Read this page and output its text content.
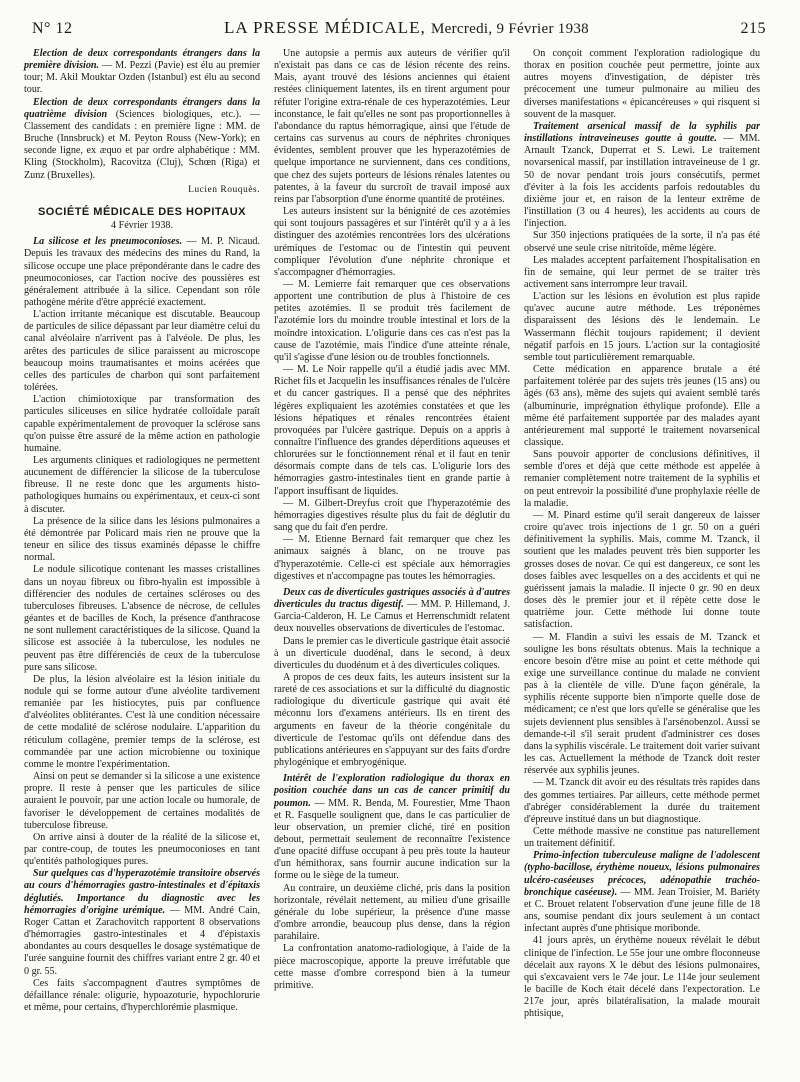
N° 12	LA PRESSE MÉDICALE, Mercredi, 9 Février 1938	215

Election de deux correspondants étrangers dans la première division. — M. Pezzi (Pavie) est élu au premier tour; M. Akil Mouktar Ozden (Istanbul) est élu au second tour.

Election de deux correspondants étrangers dans la quatrième division (Sciences biologiques, etc.). — Classement des candidats : en première ligne : MM. de Bruche (Innsbruck) et M. Peyton Rouss (New-York); en seconde ligne, ex æquo et par ordre alphabétique : MM. Kling (Stockholm), Racovitza (Cluj), Schœn (Riga) et Zunz (Bruxelles).

Lucien Rouquès.
SOCIÉTÉ MÉDICALE DES HOPITAUX
4 Février 1938.

La silicose et les pneumoconioses. — M. P. Nicaud. Depuis les travaux des médecins des mines du Rand, la silicose occupe une place prépondérante dans le cadre des pneumoconioses, car l'action nocive des poussières est généralement attribuée à la silice. Cependant son rôle pathogène mérite d'être apprécié exactement.

L'action irritante mécanique est discutable. Beaucoup de particules de silice dépassant par leur diamètre celui du canal alvéolaire n'arrivent pas à l'alvéole. De plus, les arêtes des particules de silice paraissent au microscope beaucoup moins traumatisantes et moins acérées que celles des particules de charbon qui sont parfaitement tolérées.

L'action chimiotoxique par transformation des particules siliceuses en silice hydratée colloïdale paraît capable expérimentalement de provoquer la sclérose sans qu'on puisse être assuré de la même action en pathologie humaine.

Les arguments cliniques et radiologiques ne permettent aucunement de différencier la silicose de la tuberculose fibreuse. Il ne reste donc que les arguments histo-pathologiques humains ou expérimentaux, et ceux-ci sont à discuter.

La présence de la silice dans les lésions pulmonaires a été démontrée par Policard mais rien ne prouve que la teneur en silice des tissus examinés dépasse le chiffre normal.

Le nodule silicotique contenant les masses cristallines dans un noyau fibreux ou fibro-hyalin est impossible à différencier des nodules de certaines scléroses ou des tuberculoses fibreuses. L'absence de nécrose, de cellules géantes et de bacilles de Koch, la présence d'anthracose ne sont nullement caractéristiques de la silicose. Quand la silicose est associée à la tuberculose, les nodules ne peuvent pas être différenciés de ceux de la tuberculose pure sans silicose.

De plus, la lésion alvéolaire est la lésion initiale du nodule qui se forme autour d'une alvéolite tardivement remaniée par les histiocytes, puis par confluence d'alvéolites oblitérantes. C'est là une condition nécessaire de cette modalité de sclérose nodulaire. L'apparition du réticulum collagène, premier temps de la sclérose, est commandée par une action microbienne ou toxinique comme le montre l'expérimentation.

Ainsi on peut se demander si la silicose a une existence propre. Il reste à penser que les particules de silice auraient le pouvoir, par une action locale ou humorale, de favoriser le développement de certaines modalités de tuberculose fibreuse.

On arrive ainsi à douter de la réalité de la silicose et, par contre-coup, de toutes les pneumoconioses en tant qu'entités pathologiques pures.

Sur quelques cas d'hyperazotémie transitoire observés au cours d'hémorragies gastro-intestinales et d'épitaxis déglutiés. Importance du diagnostic avec les hémorragies d'origine urémique. — MM. André Cain, Roger Cattan et Zarachovitch rapportent 8 observations d'hémorragies gastro-intestinales et 4 d'épistaxis abondantes au cours desquelles le dosage systématique de l'urée sanguine fournit des chiffres variant entre 2 gr. 40 et 0 gr. 55.

Ces faits s'accompagnent d'autres symptômes de défaillance rénale: oligurie, hypoazoturie, hypochlorurie et même, pour certains, d'hyperchlorémie plasmique.

Une autopsie a permis aux auteurs de vérifier qu'il n'existait pas dans ce cas de lésion récente des reins. Mais, ayant trouvé des lésions anciennes qui étaient restées cliniquement latentes, ils en tirent argument pour réfuter l'origine extra-rénale de ces hyperazotémies. Leur inconstance, le fait qu'elles ne sont pas proportionnelles à l'abondance du raptus hémorragique, ainsi que l'étude de certains cas survenus au cours de néphrites chroniques évidentes, semblent prouver que les hyperazotémies de quelque importance ne surviennent, dans ces conditions, que chez des sujets porteurs de lésions rénales latentes ou patentes, à la faveur du surcroît de travail imposé aux reins par l'absorption d'une énorme quantité de protéines.

Les auteurs insistent sur la bénignité de ces azotémies qui sont toujours passagères et sur l'intérêt qu'il y a à les distinguer des azotémies rencontrées lors des ulcérations urémiques de l'estomac ou de l'intestin qui peuvent compliquer l'évolution d'une néphrite chronique et s'accompagner d'hémorragies.

— M. Lemierre fait remarquer que ces observations apportent une contribution de plus à l'histoire de ces petites azotémies. Il se produit très facilement de l'azotémie lors du moindre trouble intestinal et lors de la moindre intoxication. L'oligurie dans ces cas n'est pas la cause de l'azotémie, mais l'indice d'une atteinte rénale, qu'il s'agisse d'une lésion ou de troubles fonctionnels.

— M. Le Noir rappelle qu'il a étudié jadis avec MM. Richet fils et Jacquelin les insuffisances rénales de l'ulcère et du cancer gastriques. Il a pensé que des néphrites légères expliquaient les azotémies constatées et que les lésions hépatiques et rénales rencontrées étaient provoquées par l'ulcère gastrique. Depuis on a appris à connaître l'influence des grandes déperditions aqueuses et chlorurées sur le fonctionnement rénal et il faut en tenir désormais compte dans de tels cas. L'oligurie lors des hémorragies gastro-intestinales tient en grande partie à l'apport insuffisant de liquides.

— M. Gilbert-Dreyfus croit que l'hyperazotémie des hémorragies digestives résulte plus du fait de déglutir du sang que du fait d'en perdre.

— M. Etienne Bernard fait remarquer que chez les animaux saignés à blanc, on ne trouve pas d'hyperazotémie. Celle-ci est spéciale aux hémorragies digestives et n'accompagne pas toutes les hémorragies.

Deux cas de diverticules gastriques associés à d'autres diverticules du tractus digestif. — MM. P. Hillemand, J. Garcia-Calderon, H. Le Camus et Herrenschmidt relatent deux nouvelles observations de diverticules de l'estomac.

Dans le premier cas le diverticule gastrique était associé à un diverticule duodénal, dans le second, à deux diverticules du duodénum et à des diverticules coliques.

A propos de ces deux faits, les auteurs insistent sur la rareté de ces associations et sur la difficulté du diagnostic radiologique du diverticule gastrique qui avait été méconnu lors d'examens antérieurs. Ils en tirent des arguments en faveur de la théorie congénitale du diverticule de l'estomac qu'ils ont défendue dans des publications antérieures en s'appuyant sur des faits d'ordre phylogénique et embryogénique.

Intérêt de l'exploration radiologique du thorax en position couchée dans un cas de cancer primitif du poumon. — MM. R. Benda, M. Fourestier, Mme Thaon et R. Fasquelle soulignent que, dans le cas particulier de leur observation, un premier cliché, tiré en position debout, permettait seulement de reconnaître l'existence d'une opacité diffuse occupant à peu près toute la hauteur d'un hémithorax, sans fournir aucune indication sur la forme ou le siège de la tumeur.

Au contraire, un deuxième cliché, pris dans la position horizontale, révélait nettement, au milieu d'une grisaille générale du lobe supérieur, la présence d'une masse d'ombre arrondie, beaucoup plus dense, dans la région parahilaire.

La confrontation anatomo-radiologique, à l'aide de la pièce macroscopique, apporte la preuve irréfutable que cette masse d'ombre correspond bien à la tumeur primitive.

On conçoit comment l'exploration radiologique du thorax en position couchée peut permettre, jointe aux autres moyens d'investigation, de dépister très précocement une tumeur pulmonaire au milieu des diverses manifestations « épicancéreuses » qui risquent si souvent de la masquer.

Traitement arsenical massif de la syphilis par instillations intraveineuses goutte à goutte. — MM. Arnault Tzanck, Duperrat et S. Lewi. Le traitement novarsenical massif, par instillation intraveineuse de 1 gr. 50 de novar pendant trois jours consécutifs, permet d'éviter à la fois les accidents parfois redoutables du dixième jour et, en raison de la lenteur extrême de l'instillation (3 ou 4 heures), les accidents au cours de l'injection.

Sur 350 injections pratiquées de la sorte, il n'a pas été observé une seule crise nitritoïde, même légère.

Les malades acceptent parfaitement l'hospitalisation en fin de semaine, qui leur permet de se traiter très activement sans interrompre leur travail.

L'action sur les lésions en évolution est plus rapide qu'avec aucune autre méthode. Les tréponèmes disparaissent des lésions dès le lendemain. Le Wassermann fléchit toujours rapidement; il devient négatif parfois en 15 jours. L'action sur la contagiosité semble tout particulièrement remarquable.

Cette médication en apparence brutale a été parfaitement tolérée par des sujets très jeunes (15 ans) ou âgés (63 ans), même des sujets qui avaient semblé tarés (albuminurie, imprégnation éthylique profonde). Elle a même été parfaitement supportée par des malades ayant antérieurement mal supporté le traitement novarsenical classique.

Sans pouvoir apporter de conclusions définitives, il semble d'ores et déjà que cette méthode est appelée à remanier complètement notre traitement de la syphilis et on peut entrevoir la possibilité d'une prophylaxie réelle de la maladie.

— M. Pinard estime qu'il serait dangereux de laisser croire qu'avec trois injections de 1 gr. 50 on a guéri définitivement la syphilis. Mais, comme M. Tzanck, il soutient que les malades peuvent très bien supporter les grosses doses de novar. Ce qui est dangereux, ce sont les doses faibles avec lesquelles on a des accidents et qui ne guérissent jamais la maladie. Il injecte 0 gr. 90 en deux doses dès le premier jour et il répète cette dose le quatrième jour. Cette méthode lui donne toute satisfaction.

— M. Flandin a suivi les essais de M. Tzanck et souligne les bons résultats obtenus. Mais la technique a encore besoin d'être mise au point et cette méthode qui exige une surveillance continue du malade ne convient pas à la clientèle de ville. D'une façon générale, la syphilis récente supporte bien n'importe quelle dose de médicament; ce n'est que lors qu'elle se généralise que les sujets deviennent plus sensibles à l'arsénobenzol. Aussi se demande-t-il s'il serait prudent d'administrer ces doses dans la syphilis viscérale. Le traitement doit varier suivant les cas. Actuellement la méthode de Tzanck doit rester réservée aux syphilis jeunes.

— M. Tzanck dit avoir eu des résultats très rapides dans des gommes tertiaires. Par ailleurs, cette méthode permet d'abréger considérablement la durée du traitement d'épreuve institué dans un but diagnostique.

Cette méthode massive ne constitue pas naturellement un traitement définitif.

Primo-infection tuberculeuse maligne de l'adolescent (typho-bacillose, érythème noueux, lésions pulmonaires ulcéro-caséeuses précoces, adénopathie trachéo-bronchique caséeuse). — MM. Jean Troisier, M. Bariéty et C. Brouet relatent l'observation d'une jeune fille de 18 ans, soumise pendant dix jours seulement à un contact infectant auprès d'une phtisique moribonde.

41 jours après, un érythème noueux révélait le début clinique de l'infection. Le 55e jour une ombre floconneuse décelait aux rayons X le début des lésions pulmonaires, qui s'excavaient vers le 74e jour. Le 114e jour seulement le bacille de Koch était décelé dans l'expectoration. Le 217e jour, après bilatéralisation, la malade mourait phtisique,
